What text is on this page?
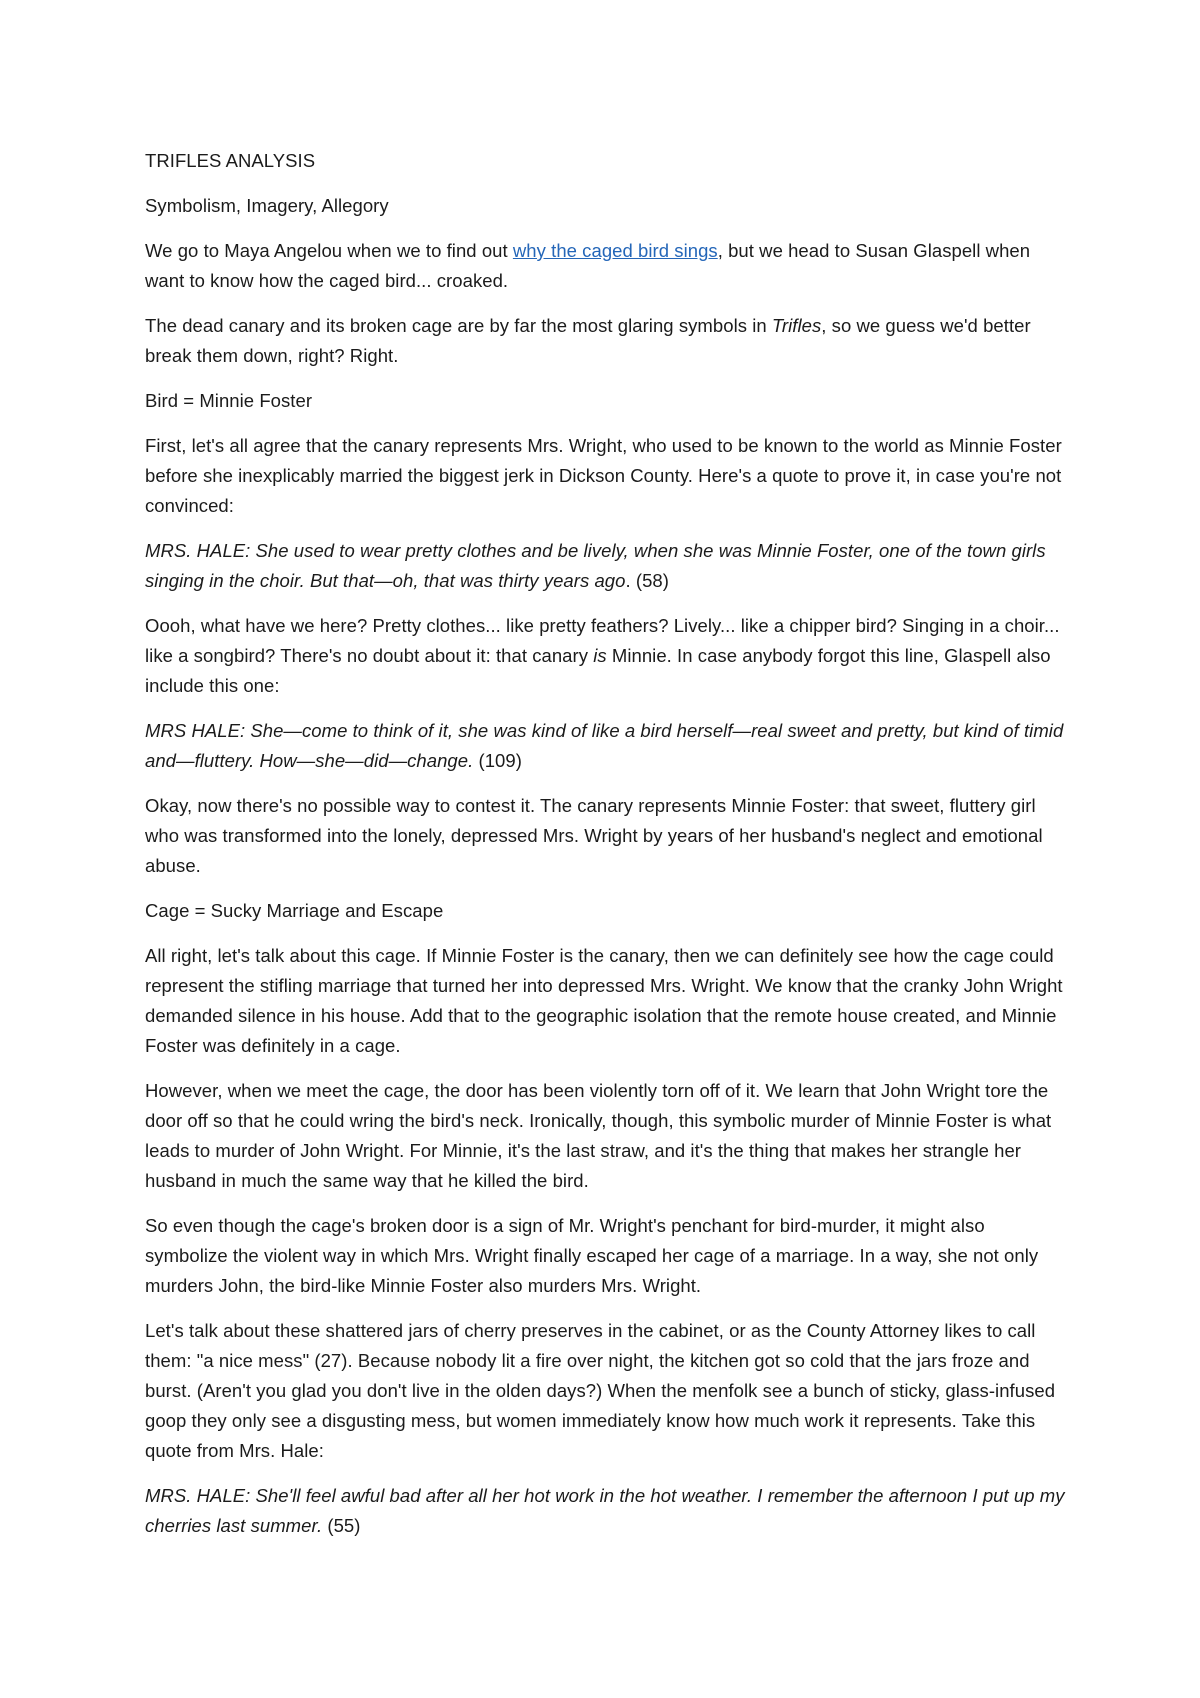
TRIFLES ANALYSIS

Symbolism, Imagery, Allegory

We go to Maya Angelou when we to find out why the caged bird sings, but we head to Susan Glaspell when want to know how the caged bird... croaked.

The dead canary and its broken cage are by far the most glaring symbols in Trifles, so we guess we'd better break them down, right? Right.

Bird = Minnie Foster

First, let's all agree that the canary represents Mrs. Wright, who used to be known to the world as Minnie Foster before she inexplicably married the biggest jerk in Dickson County. Here's a quote to prove it, in case you're not convinced:

MRS. HALE: She used to wear pretty clothes and be lively, when she was Minnie Foster, one of the town girls singing in the choir. But that—oh, that was thirty years ago. (58)

Oooh, what have we here? Pretty clothes... like pretty feathers? Lively... like a chipper bird? Singing in a choir... like a songbird? There's no doubt about it: that canary is Minnie. In case anybody forgot this line, Glaspell also include this one:

MRS HALE: She—come to think of it, she was kind of like a bird herself—real sweet and pretty, but kind of timid and—fluttery. How—she—did—change. (109)

Okay, now there's no possible way to contest it. The canary represents Minnie Foster: that sweet, fluttery girl who was transformed into the lonely, depressed Mrs. Wright by years of her husband's neglect and emotional abuse.

Cage = Sucky Marriage and Escape

All right, let's talk about this cage. If Minnie Foster is the canary, then we can definitely see how the cage could represent the stifling marriage that turned her into depressed Mrs. Wright. We know that the cranky John Wright demanded silence in his house. Add that to the geographic isolation that the remote house created, and Minnie Foster was definitely in a cage.

However, when we meet the cage, the door has been violently torn off of it. We learn that John Wright tore the door off so that he could wring the bird's neck. Ironically, though, this symbolic murder of Minnie Foster is what leads to murder of John Wright. For Minnie, it's the last straw, and it's the thing that makes her strangle her husband in much the same way that he killed the bird.

So even though the cage's broken door is a sign of Mr. Wright's penchant for bird-murder, it might also symbolize the violent way in which Mrs. Wright finally escaped her cage of a marriage. In a way, she not only murders John, the bird-like Minnie Foster also murders Mrs. Wright.

Let's talk about these shattered jars of cherry preserves in the cabinet, or as the County Attorney likes to call them: "a nice mess" (27). Because nobody lit a fire over night, the kitchen got so cold that the jars froze and burst. (Aren't you glad you don't live in the olden days?) When the menfolk see a bunch of sticky, glass-infused goop they only see a disgusting mess, but women immediately know how much work it represents. Take this quote from Mrs. Hale:

MRS. HALE: She'll feel awful bad after all her hot work in the hot weather. I remember the afternoon I put up my cherries last summer. (55)
